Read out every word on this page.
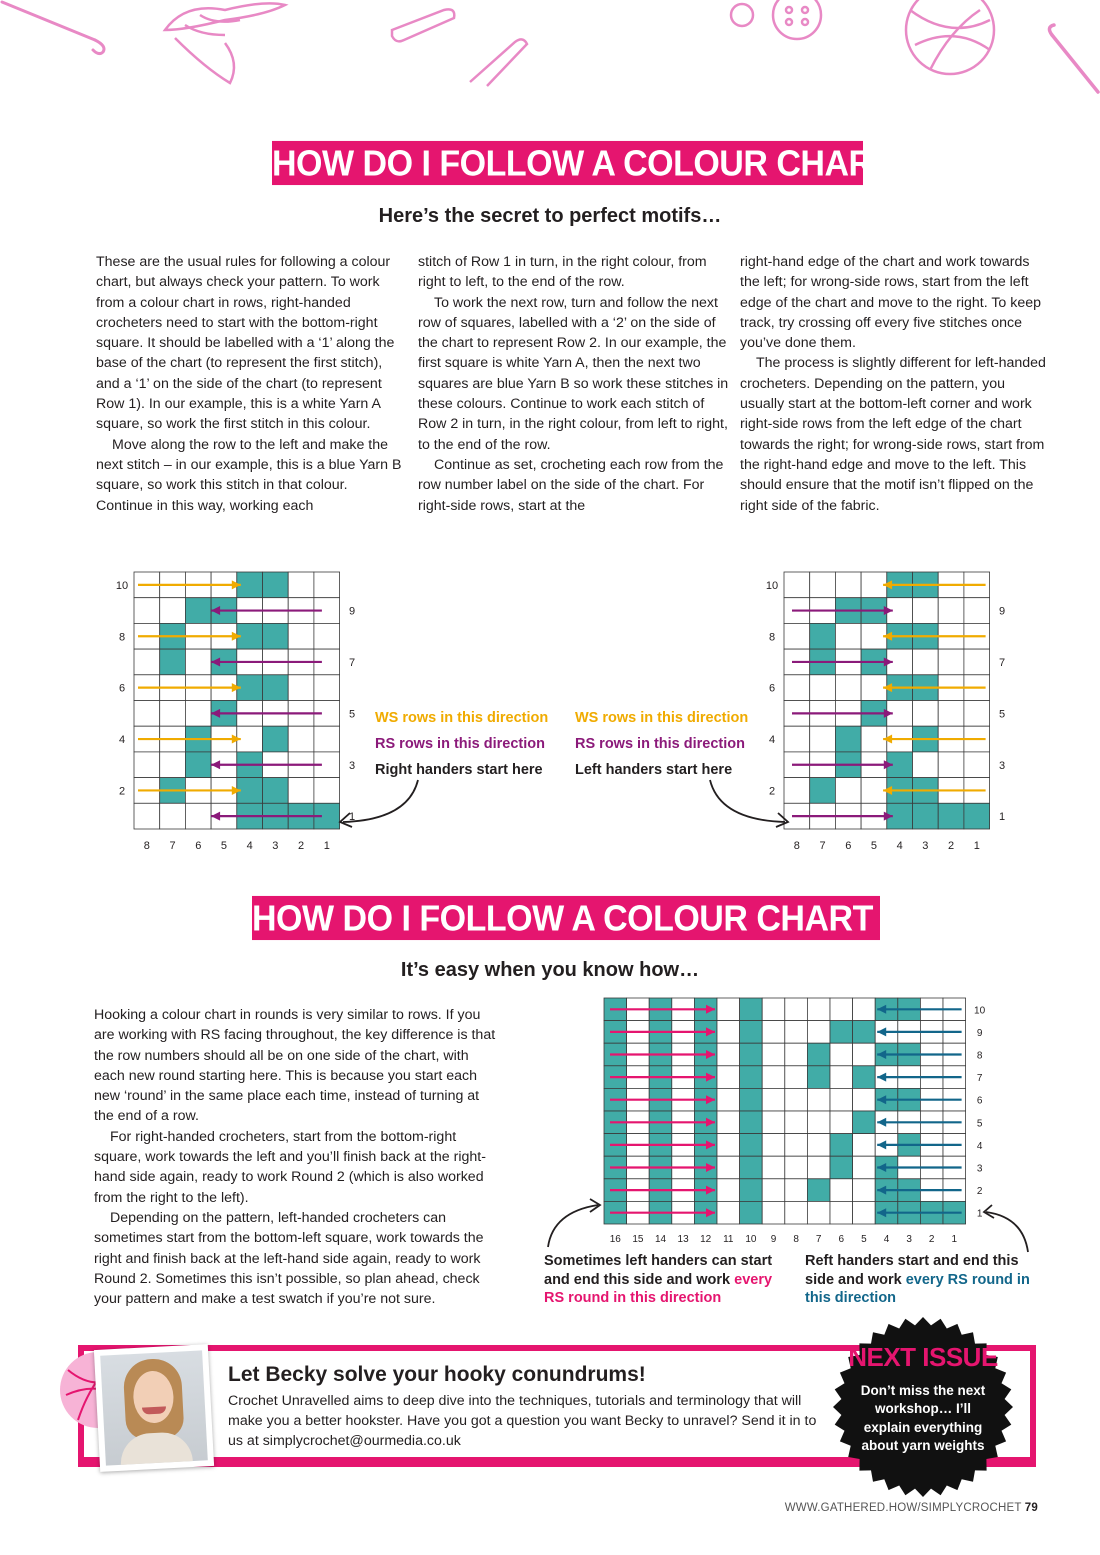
HOW DO I FOLLOW A COLOUR CHART IN ROWS?
Here’s the secret to perfect motifs…

These are the usual rules for following a colour chart, but always check your pattern. To work from a colour chart in rows, right-handed crocheters need to start with the bottom-right square. It should be labelled with a ‘1’ along the base of the chart (to represent the first stitch), and a ‘1’ on the side of the chart (to represent Row 1). In our example, this is a white Yarn A square, so work the first stitch in this colour.

Move along the row to the left and make the next stitch – in our example, this is a blue Yarn B square, so work this stitch in that colour. Continue in this way, working each

stitch of Row 1 in turn, in the right colour, from right to left, to the end of the row.

To work the next row, turn and follow the next row of squares, labelled with a ‘2’ on the side of the chart to represent Row 2. In our example, the first square is white Yarn A, then the next two squares are blue Yarn B so work these stitches in these colours. Continue to work each stitch of Row 2 in turn, in the right colour, from left to right, to the end of the row.

Continue as set, crocheting each row from the row number label on the side of the chart. For right-side rows, start at the

right-hand edge of the chart and work towards the left; for wrong-side rows, start from the left edge of the chart and move to the right. To keep track, try crossing off every five stitches once you’ve done them.

The process is slightly different for left-handed crocheters. Depending on the pattern, you usually start at the bottom-left corner and work right-side rows from the left edge of the chart towards the right; for wrong-side rows, start from the right-hand edge and move to the left. This should ensure that the motif isn’t flipped on the right side of the fabric.

8 7 6 5 4 3 2 1
10
8
6
4
2
9
7
5
3
1
8 7 6 5 4 3 2 1
10
8
6
4
2
9
7
5
3
1
WS rows in this direction
RS rows in this direction
Right handers start here
WS rows in this direction
RS rows in this direction
Left handers start here
HOW DO I FOLLOW A COLOUR CHART IN ROUNDS?
It’s easy when you know how…

Hooking a colour chart in rounds is very similar to rows. If you are working with RS facing throughout, the key difference is that the row numbers should all be on one side of the chart, with each new round starting here. This is because you start each new ‘round’ in the same place each time, instead of turning at the end of a row.

For right-handed crocheters, start from the bottom-right square, work towards the left and you’ll finish back at the right-hand side again, ready to work Round 2 (which is also worked from the right to the left).

Depending on the pattern, left-handed crocheters can sometimes start from the bottom-left square, work towards the right and finish back at the left-hand side again, ready to work Round 2. Sometimes this isn’t possible, so plan ahead, check your pattern and make a test swatch if you’re not sure.

16 15 14 13 12 11 10 9 8 7 6 5 4 3 2 1
10
9
8
7
6
5
4
3
2
1
Sometimes left handers can start and end this side and work every RS round in this direction
Reft handers start and end this side and work every RS round in this direction
Let Becky solve your hooky conundrums!
Crochet Unravelled aims to deep dive into the techniques, tutorials and terminology that will make you a better hookster. Have you got a question you want Becky to unravel? Send it in to us at simplycrochet@ourmedia.co.uk
NEXT ISSUE
Don’t miss the next workshop… I’ll explain everything about yarn weights
WWW.GATHERED.HOW/SIMPLYCROCHET 79
